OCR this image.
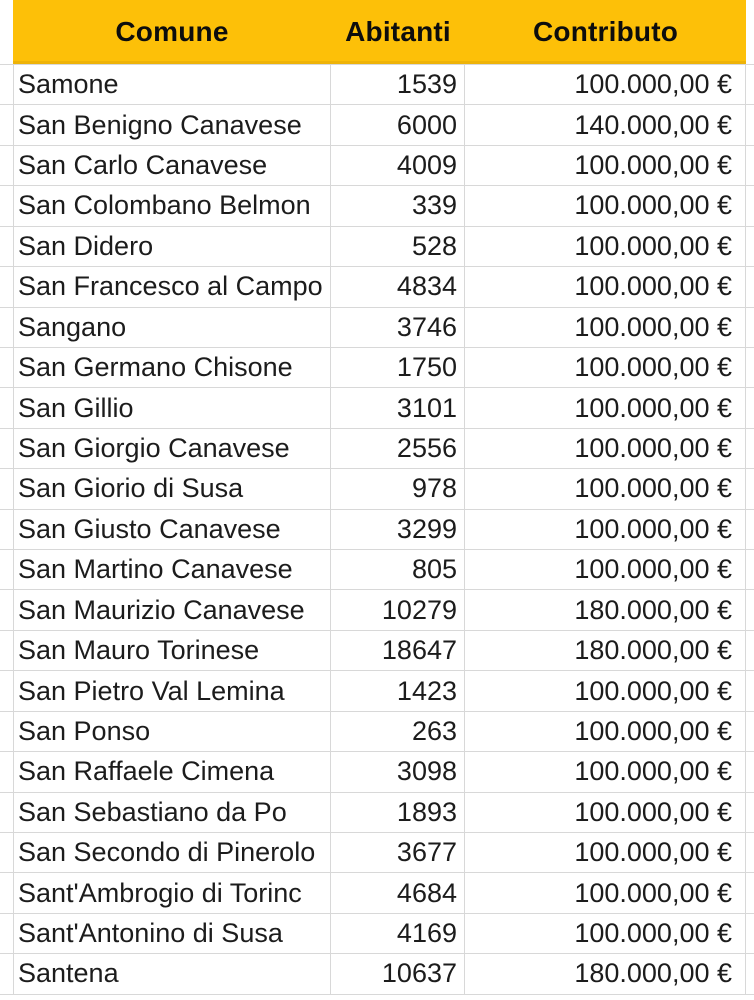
Comune	Abitanti	Contributo
Samone	1539	100.000,00 €
San Benigno Canavese	6000	140.000,00 €
San Carlo Canavese	4009	100.000,00 €
San Colombano Belmon	339	100.000,00 €
San Didero	528	100.000,00 €
San Francesco al Campo	4834	100.000,00 €
Sangano	3746	100.000,00 €
San Germano Chisone	1750	100.000,00 €
San Gillio	3101	100.000,00 €
San Giorgio Canavese	2556	100.000,00 €
San Giorio di Susa	978	100.000,00 €
San Giusto Canavese	3299	100.000,00 €
San Martino Canavese	805	100.000,00 €
San Maurizio Canavese	10279	180.000,00 €
San Mauro Torinese	18647	180.000,00 €
San Pietro Val Lemina	1423	100.000,00 €
San Ponso	263	100.000,00 €
San Raffaele Cimena	3098	100.000,00 €
San Sebastiano da Po	1893	100.000,00 €
San Secondo di Pinerolo	3677	100.000,00 €
Sant'Ambrogio di Torinc	4684	100.000,00 €
Sant'Antonino di Susa	4169	100.000,00 €
Santena	10637	180.000,00 €
